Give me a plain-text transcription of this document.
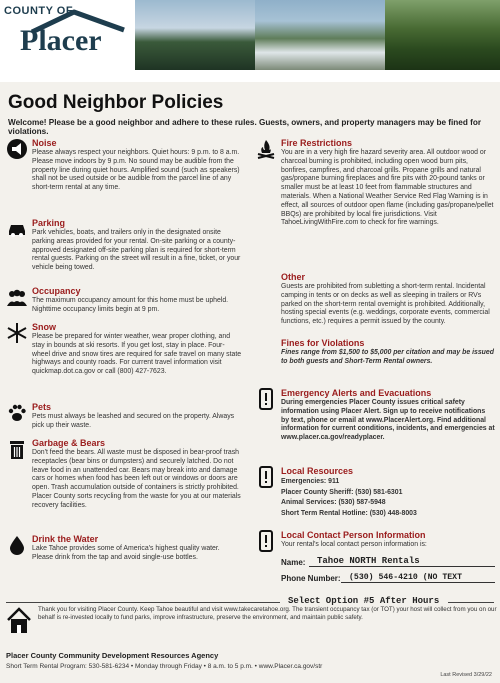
COUNTY OF
Placer
Good Neighbor Policies
Welcome! Please be a good neighbor and adhere to these rules. Guests, owners, and property managers may be fined for violations.
Noise
Please always respect your neighbors. Quiet hours: 9 p.m. to 8 a.m. Please move indoors by 9 p.m. No sound may be audible from the property line during quiet hours. Amplified sound (such as speakers) shall not be used outside or be audible from the parcel line of any short-term rental at any time.
Parking
Park vehicles, boats, and trailers only in the designated onsite parking areas provided for your rental. On-site parking or a county-approved designated off-site parking plan is required for short-term rental guests. Parking on the street will result in a fine, ticket, or your vehicle being towed.
Occupancy
The maximum occupancy amount for this home must be upheld. Nighttime occupancy limits begin at 9 pm.
Snow
Please be prepared for winter weather, wear proper clothing, and stay in bounds at ski resorts. If you get lost, stay in place. Four-wheel drive and snow tires are required for safe travel on many state highways and county roads. For current travel information visit quickmap.dot.ca.gov or call (800) 427-7623.
Pets
Pets must always be leashed and secured on the property. Always pick up their waste.
Garbage & Bears
Don't feed the bears. All waste must be disposed in bear-proof trash receptacles (bear bins or dumpsters) and securely latched. Do not leave food in an unattended car. Bears may break into and damage cars or homes when food has been left out or windows or doors are open. Trash accumulation outside of containers is strictly prohibited. Placer County sorts recycling from the waste for you at our materials recovery facilities.
Drink the Water
Lake Tahoe provides some of America's highest quality water. Please drink from the tap and avoid single-use bottles.
Fire Restrictions
You are in a very high fire hazard severity area. All outdoor wood or charcoal burning is prohibited, including open wood burn pits, bonfires, campfires, and charcoal grills. Propane grills and natural gas/propane burning fireplaces and fire pits with 20-pound tanks or smaller must be at least 10 feet from flammable structures and materials. When a National Weather Service Red Flag Warning is in effect, all sources of outdoor open flame (including gas/propane/pellet BBQs) are prohibited by local fire jurisdictions. Visit TahoeLivingWithFire.com to check for fire warnings.
Other
Guests are prohibited from subletting a short-term rental. Incidental camping in tents or on decks as well as sleeping in trailers or RVs parked on the short-term rental overnight is prohibited. Additionally, hosting special events (e.g. weddings, corporate events, commercial functions, etc.) requires a permit issued by the county.
Fines for Violations
Fines range from $1,500 to $5,000 per citation and may be issued to both guests and Short-Term Rental owners.
Emergency Alerts and Evacuations
During emergencies Placer County issues critical safety information using Placer Alert. Sign up to receive notifications by text, phone or email at www.PlacerAlert.org. Find additional information for current conditions, incidents, and emergencies at www.placer.ca.gov/readyplacer.
Local Resources
Emergencies: 911
Placer County Sheriff: (530) 581-6301
Animal Services: (530) 587-5948
Short Term Rental Hotline: (530) 448-8003
Local Contact Person Information
Your rental's local contact person information is:
Name:	Tahoe NORTH Rentals
Phone Number:	(530) 546-4210 (NO TEXT
Select Option #5 After Hours
Thank you for visiting Placer County. Keep Tahoe beautiful and visit www.takecaretahoe.org. The transient occupancy tax (or TOT) your host will collect from you on our behalf is re-invested locally to fund parks, improve infrastructure, preserve the environment, and maintain public safety.
Placer County Community Development Resources Agency
Short Term Rental Program: 530-581-6234 • Monday through Friday • 8 a.m. to 5 p.m. • www.Placer.ca.gov/str
Last Revised 3/29/22
